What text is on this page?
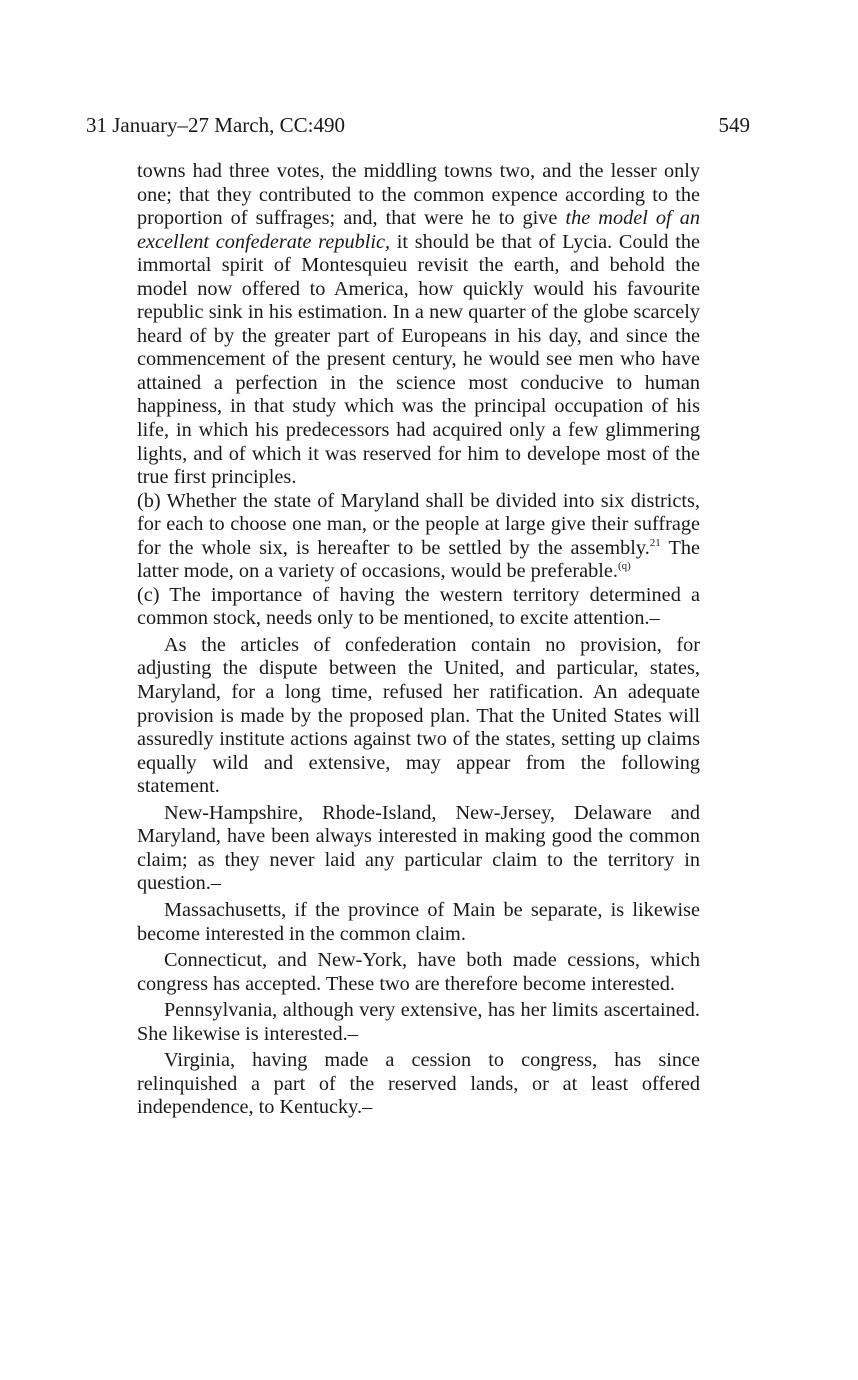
31 January–27 March, CC:490	549

towns had three votes, the middling towns two, and the lesser only one; that they contributed to the common expence according to the proportion of suffrages; and, that were he to give the model of an excellent confederate republic, it should be that of Lycia. Could the immortal spirit of Montesquieu revisit the earth, and behold the model now offered to America, how quickly would his favourite republic sink in his estimation. In a new quarter of the globe scarcely heard of by the greater part of Europeans in his day, and since the commencement of the present century, he would see men who have attained a perfection in the science most conducive to human happiness, in that study which was the principal occupation of his life, in which his predecessors had acquired only a few glimmering lights, and of which it was reserved for him to develope most of the true first principles.

(b) Whether the state of Maryland shall be divided into six districts, for each to choose one man, or the people at large give their suffrage for the whole six, is hereafter to be settled by the assembly.$^{21}$ The latter mode, on a variety of occasions, would be preferable.$^{(q)}$

(c) The importance of having the western territory determined a common stock, needs only to be mentioned, to excite attention.–

As the articles of confederation contain no provision, for adjusting the dispute between the United, and particular, states, Maryland, for a long time, refused her ratification. An adequate provision is made by the proposed plan. That the United States will assuredly institute actions against two of the states, setting up claims equally wild and extensive, may appear from the following statement.

New-Hampshire, Rhode-Island, New-Jersey, Delaware and Maryland, have been always interested in making good the common claim; as they never laid any particular claim to the territory in question.–

Massachusetts, if the province of Main be separate, is likewise become interested in the common claim.

Connecticut, and New-York, have both made cessions, which congress has accepted. These two are therefore become interested.

Pennsylvania, although very extensive, has her limits ascertained. She likewise is interested.–

Virginia, having made a cession to congress, has since relinquished a part of the reserved lands, or at least offered independence, to Kentucky.–
